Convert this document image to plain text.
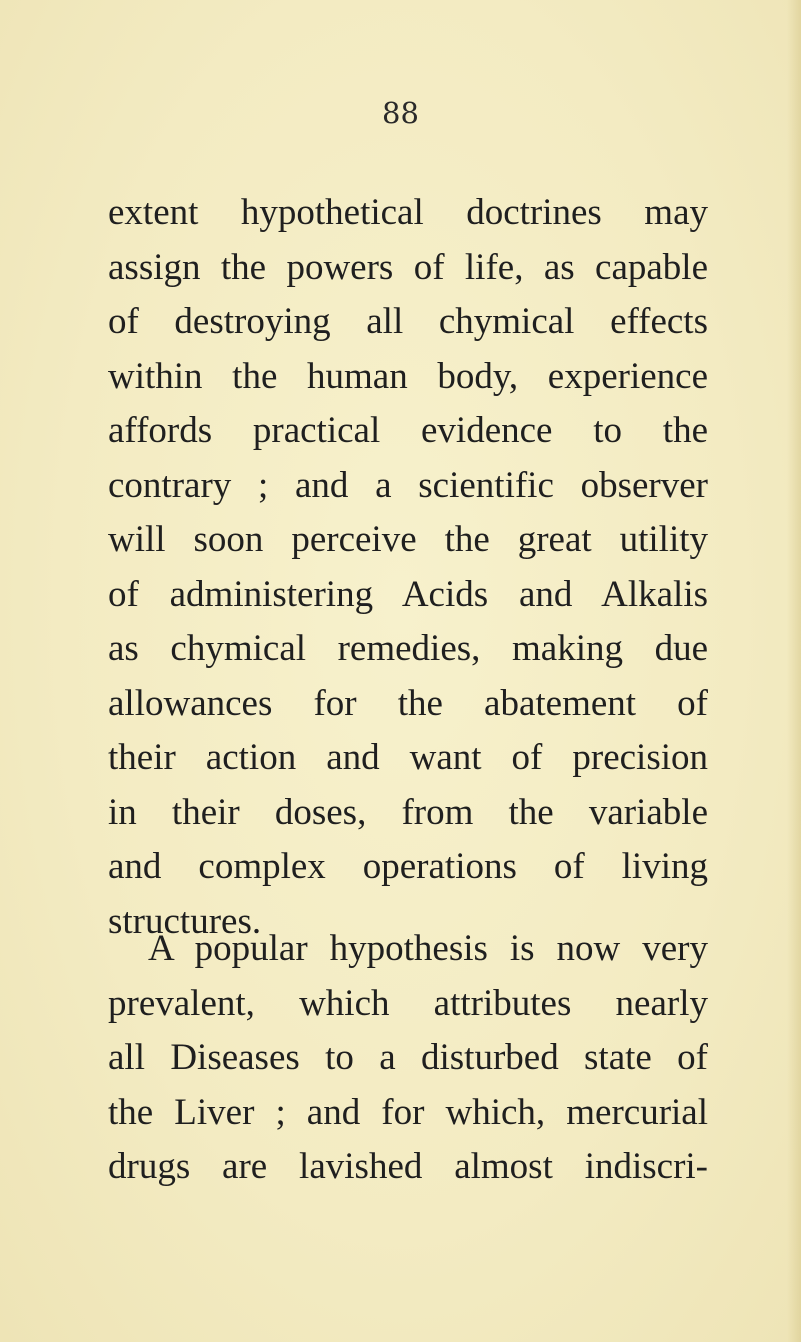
88
extent hypothetical doctrines may
assign the powers of life, as capable
of destroying all chymical effects
within the human body, experience
affords practical evidence to the
contrary ; and a scientific observer
will soon perceive the great utility
of administering Acids and Alkalis
as chymical remedies, making due
allowances for the abatement of
their action and want of precision
in their doses, from the variable
and complex operations of living
structures.
A popular hypothesis is now very
prevalent, which attributes nearly
all Diseases to a disturbed state of
the Liver ; and for which, mercurial
drugs are lavished almost indiscri-
